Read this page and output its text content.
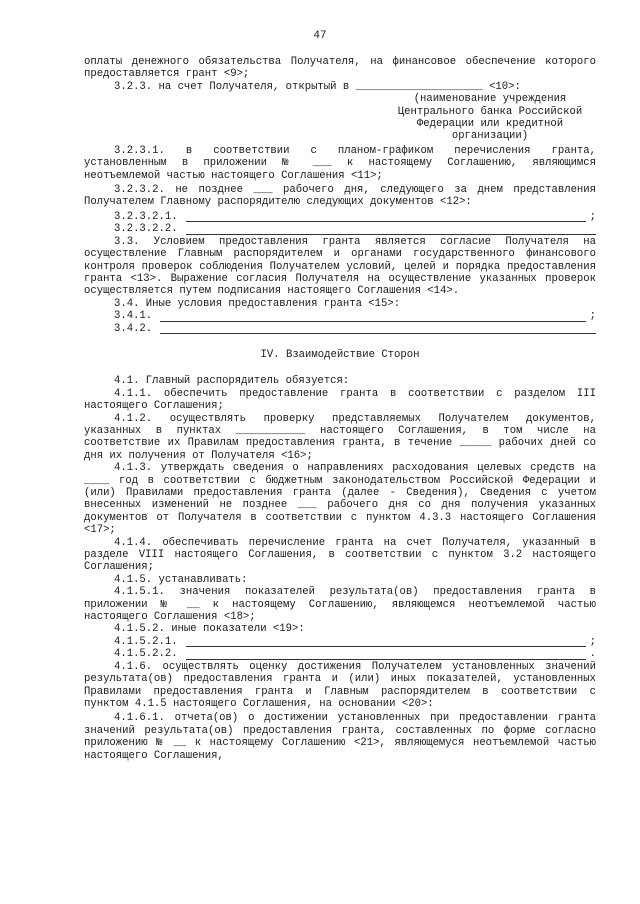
47

оплаты денежного обязательства Получателя, на финансовое обеспечение которого предоставляется грант <9>;

3.2.3. на счет Получателя, открытый в ____________________ <10>:

(наименование учреждения Центрального банка Российской Федерации или кредитной организации)

3.2.3.1. в соответствии с планом-графиком перечисления гранта, установленным в приложении № ___ к настоящему Соглашению, являющимся неотъемлемой частью настоящего Соглашения <11>;

3.2.3.2. не позднее ___ рабочего дня, следующего за днем представления Получателем Главному распорядителю следующих документов <12>:

3.2.3.2.1.	;
3.2.3.2.2.

3.3. Условием предоставления гранта является согласие Получателя на осуществление Главным распорядителем и органами государственного финансового контроля проверок соблюдения Получателем условий, целей и порядка предоставления гранта <13>. Выражение согласия Получателя на осуществление указанных проверок осуществляется путем подписания настоящего Соглашения <14>.

3.4. Иные условия предоставления гранта <15>:

3.4.1.	;
3.4.2.

IV. Взаимодействие Сторон

4.1. Главный распорядитель обязуется:

4.1.1. обеспечить предоставление гранта в соответствии с разделом III настоящего Соглашения;

4.1.2. осуществлять проверку представляемых Получателем документов, указанных в пунктах ___________ настоящего Соглашения, в том числе на соответствие их Правилам предоставления гранта, в течение _____ рабочих дней со дня их получения от Получателя <16>;

4.1.3. утверждать сведения о направлениях расходования целевых средств на ____ год в соответствии с бюджетным законодательством Российской Федерации и (или) Правилами предоставления гранта (далее - Сведения), Сведения с учетом внесенных изменений не позднее ___ рабочего дня со дня получения указанных документов от Получателя в соответствии с пунктом 4.3.3 настоящего Соглашения <17>;

4.1.4. обеспечивать перечисление гранта на счет Получателя, указанный в разделе VIII настоящего Соглашения, в соответствии с пунктом 3.2 настоящего Соглашения;

4.1.5. устанавливать:

4.1.5.1. значения показателей результата(ов) предоставления гранта в приложении № __ к настоящему Соглашению, являющемся неотъемлемой частью настоящего Соглашения <18>;

4.1.5.2. иные показатели <19>:

4.1.5.2.1.	;
4.1.5.2.2.	.

4.1.6. осуществлять оценку достижения Получателем установленных значений результата(ов) предоставления гранта и (или) иных показателей, установленных Правилами предоставления гранта и Главным распорядителем в соответствии с пунктом 4.1.5 настоящего Соглашения, на основании <20>:

4.1.6.1. отчета(ов) о достижении установленных при предоставлении гранта значений результата(ов) предоставления гранта, составленных по форме согласно приложению № __ к настоящему Соглашению <21>, являющемуся неотъемлемой частью настоящего Соглашения,
